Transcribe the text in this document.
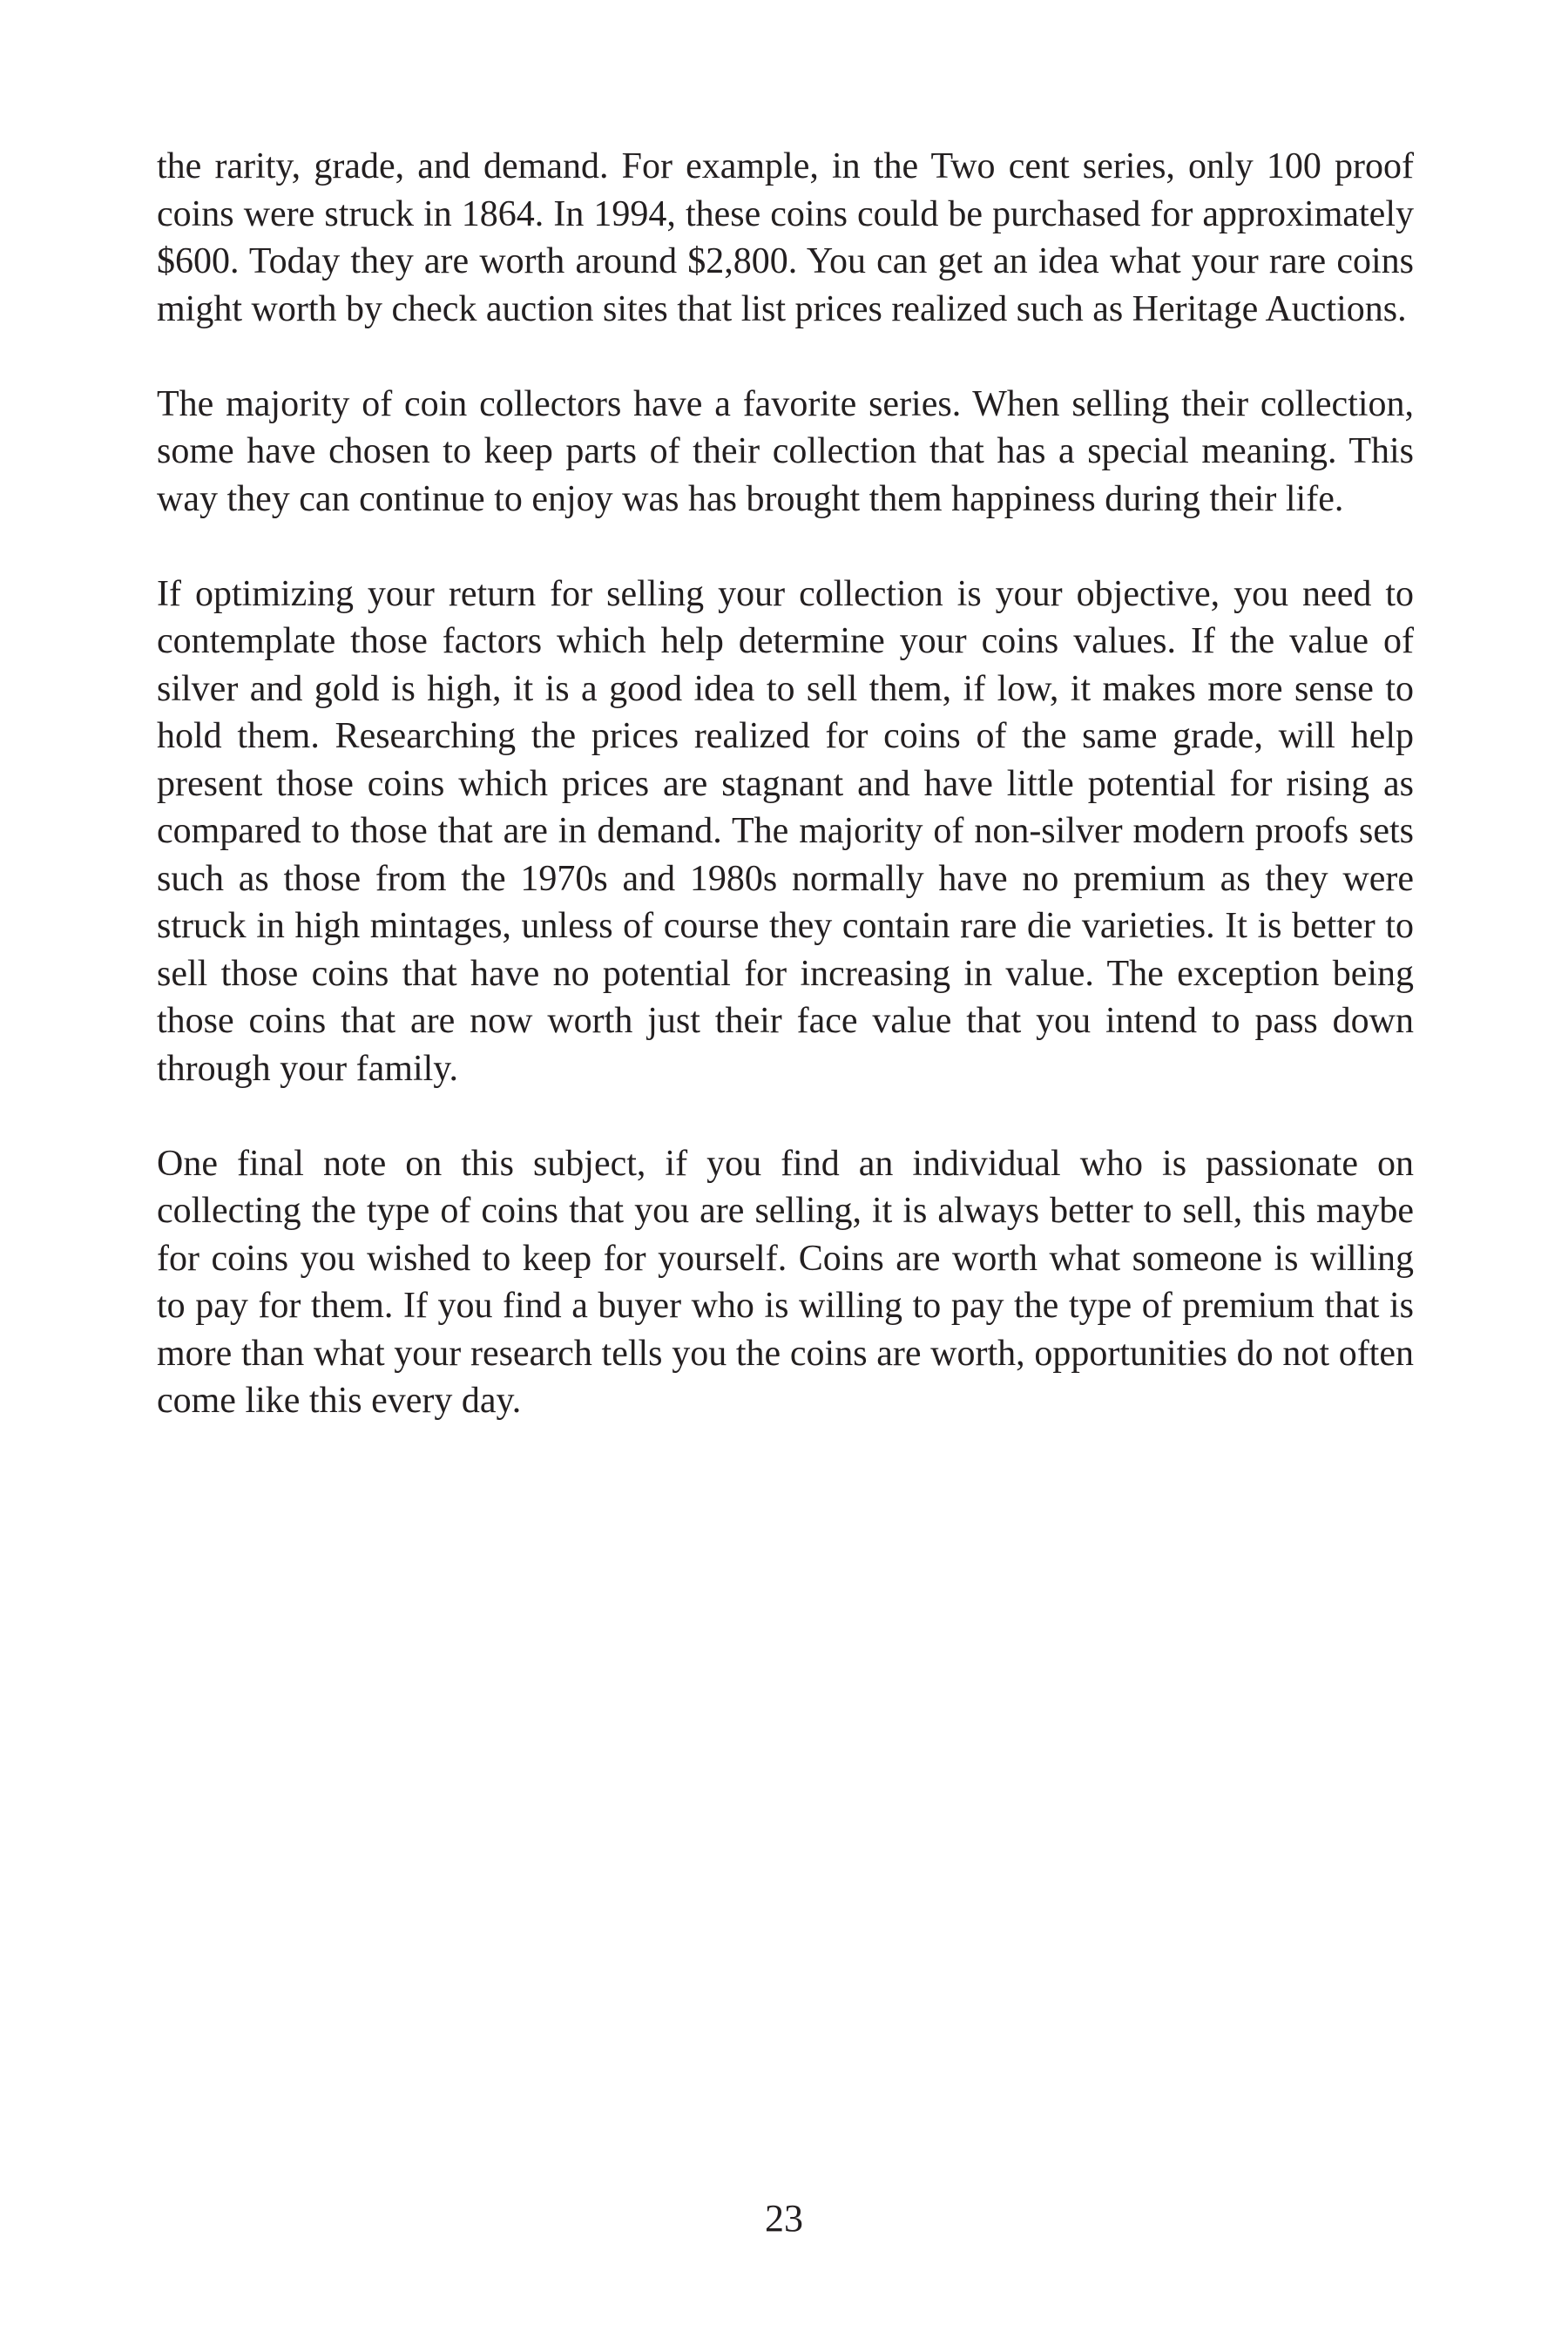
the rarity, grade, and demand. For example, in the Two cent series, only 100 proof coins were struck in 1864. In 1994, these coins could be purchased for approximately $600. Today they are worth around $2,800. You can get an idea what your rare coins might worth by check auction sites that list prices realized such as Heritage Auctions.

The majority of coin collectors have a favorite series. When selling their collection, some have chosen to keep parts of their collection that has a special meaning. This way they can continue to enjoy was has brought them happiness during their life.

If optimizing your return for selling your collection is your objective, you need to contemplate those factors which help determine your coins values. If the value of silver and gold is high, it is a good idea to sell them, if low, it makes more sense to hold them. Researching the prices realized for coins of the same grade, will help present those coins which prices are stagnant and have little potential for rising as compared to those that are in demand. The majority of non-silver modern proofs sets such as those from the 1970s and 1980s normally have no premium as they were struck in high mintages, unless of course they contain rare die varieties. It is better to sell those coins that have no potential for increasing in value. The exception being those coins that are now worth just their face value that you intend to pass down through your family.

One final note on this subject, if you find an individual who is passionate on collecting the type of coins that you are selling, it is always better to sell, this maybe for coins you wished to keep for yourself. Coins are worth what someone is willing to pay for them. If you find a buyer who is willing to pay the type of premium that is more than what your research tells you the coins are worth, opportunities do not often come like this every day.

23
